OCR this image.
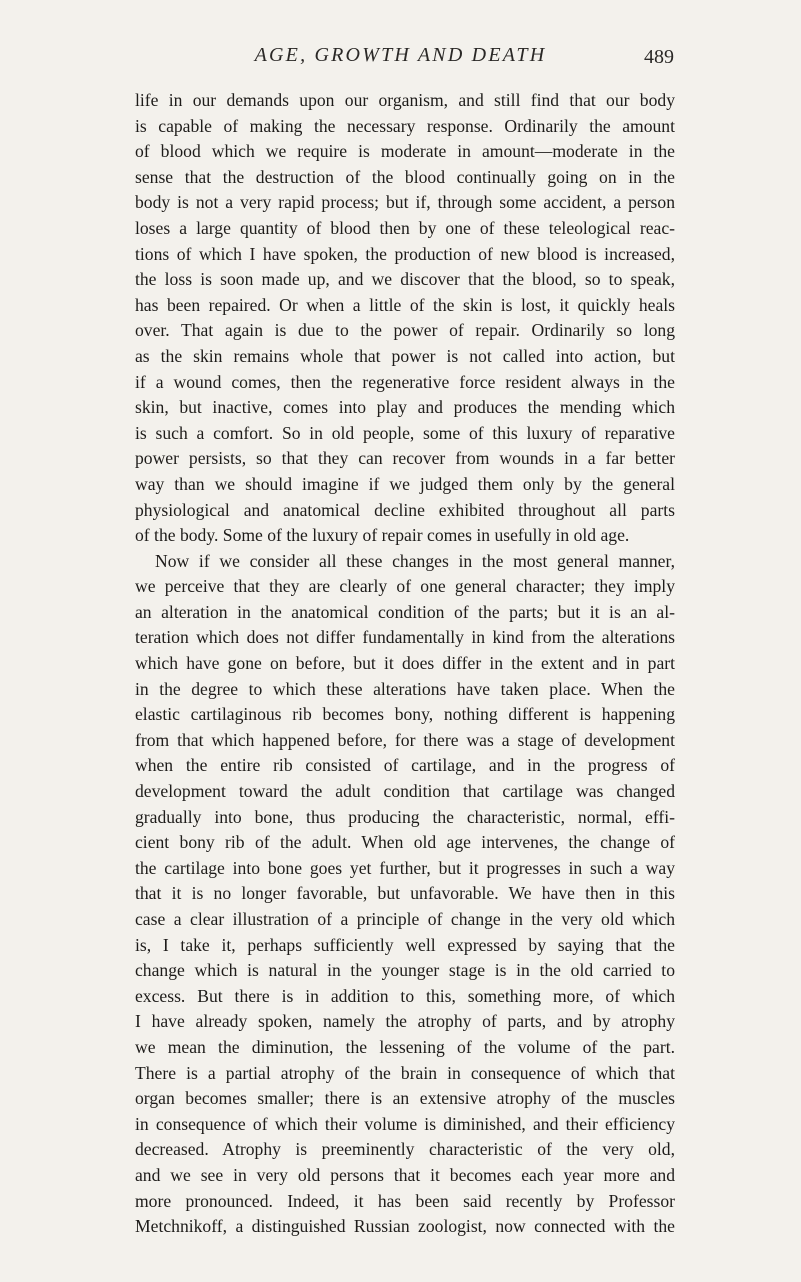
AGE, GROWTH AND DEATH	489
life in our demands upon our organism, and still find that our body
is capable of making the necessary response. Ordinarily the amount
of blood which we require is moderate in amount—moderate in the
sense that the destruction of the blood continually going on in the
body is not a very rapid process; but if, through some accident, a person
loses a large quantity of blood then by one of these teleological reac-
tions of which I have spoken, the production of new blood is increased,
the loss is soon made up, and we discover that the blood, so to speak,
has been repaired. Or when a little of the skin is lost, it quickly heals
over. That again is due to the power of repair. Ordinarily so long
as the skin remains whole that power is not called into action, but
if a wound comes, then the regenerative force resident always in the
skin, but inactive, comes into play and produces the mending which
is such a comfort. So in old people, some of this luxury of reparative
power persists, so that they can recover from wounds in a far better
way than we should imagine if we judged them only by the general
physiological and anatomical decline exhibited throughout all parts
of the body. Some of the luxury of repair comes in usefully in old age.
Now if we consider all these changes in the most general manner,
we perceive that they are clearly of one general character; they imply
an alteration in the anatomical condition of the parts; but it is an al-
teration which does not differ fundamentally in kind from the alterations
which have gone on before, but it does differ in the extent and in part
in the degree to which these alterations have taken place. When the
elastic cartilaginous rib becomes bony, nothing different is happening
from that which happened before, for there was a stage of development
when the entire rib consisted of cartilage, and in the progress of
development toward the adult condition that cartilage was changed
gradually into bone, thus producing the characteristic, normal, effi-
cient bony rib of the adult. When old age intervenes, the change of
the cartilage into bone goes yet further, but it progresses in such a way
that it is no longer favorable, but unfavorable. We have then in this
case a clear illustration of a principle of change in the very old which
is, I take it, perhaps sufficiently well expressed by saying that the
change which is natural in the younger stage is in the old carried to
excess. But there is in addition to this, something more, of which
I have already spoken, namely the atrophy of parts, and by atrophy
we mean the diminution, the lessening of the volume of the part.
There is a partial atrophy of the brain in consequence of which that
organ becomes smaller; there is an extensive atrophy of the muscles
in consequence of which their volume is diminished, and their efficiency
decreased. Atrophy is preeminently characteristic of the very old,
and we see in very old persons that it becomes each year more and
more pronounced. Indeed, it has been said recently by Professor
Metchnikoff, a distinguished Russian zoologist, now connected with the
